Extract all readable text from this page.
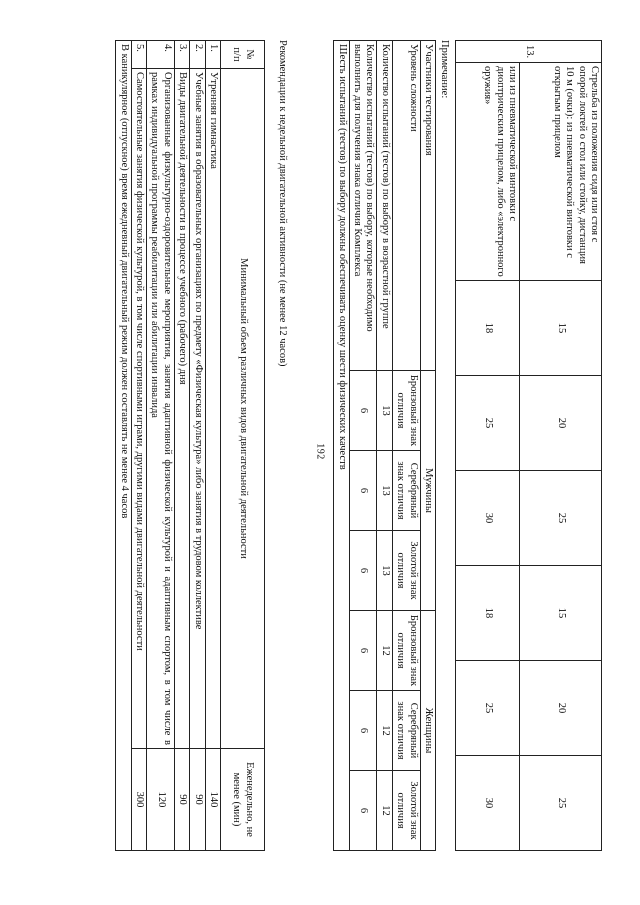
192
13.	Стрельба из положения сидя или стоя с опорой локтей о стол или стойку, дистанция 10 м (очки): из пневматической винтовки с открытым прицелом	15	20	25	15	20	25
	или из пневматической винтовки с диоптрическим прицелом, либо «электронного оружия»	18	25	30	18	25	30
Примечание:
Участники тестирования	Мужчины			Женщины		
Уровень сложности	Бронзовый знак отличия	Серебряный знак отличия	Золотой знак отличия	Бронзовый знак отличия	Серебряный знак отличия	Золотой знак отличия
Количество испытаний (тестов) по выбору в возрастной группе	13	13	13	12	12	12
Количество испытаний (тестов) по выбору, которые необходимо выполнить для получения знака отличия Комплекса	6	6	6	6	6	6
Шесть испытаний (тестов) по выбору должны обеспечивать оценку шести физических качеств						
Рекомендации к недельной двигательной активности (не менее 12 часов)
№ п/п	Минимальный объем различных видов двигательной деятельности	Еженедельно, не менее (мин)
1.	Утренняя гимнастика	140
2.	Учебные занятия в образовательных организациях по предмету «Физическая культура» либо занятия в трудовом коллективе	90
3.	Виды двигательной деятельности в процессе учебного (рабочего) дня	90
4.	Организованные физкультурно-оздоровительные мероприятия, занятия адаптивной физической культурой и адаптивным спортом, в том числе в рамках индивидуальной программы реабилитации или абилитации инвалида	120
5.	Самостоятельные занятия физической культурой, в том числе спортивными играми, другими видами двигательной деятельности	300
В каникулярное (отпускное) время ежедневный двигательный режим должен составлять не менее 4 часов		
